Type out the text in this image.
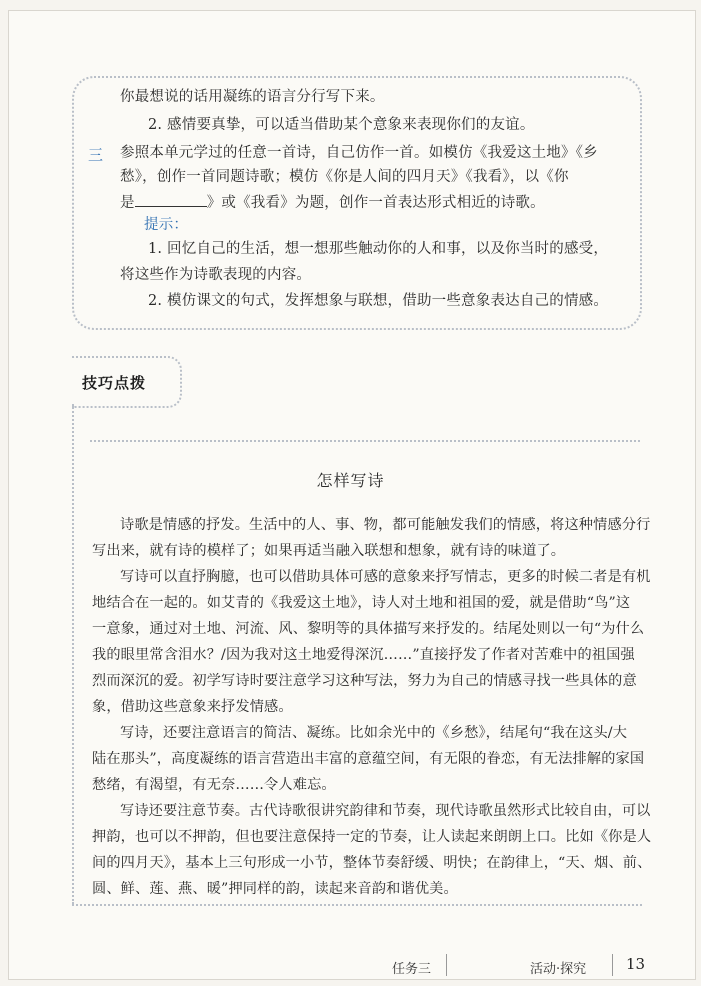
你最想说的话用凝练的语言分行写下来。
2. 感情要真挚，可以适当借助某个意象来表现你们的友谊。
三 参照本单元学过的任意一首诗，自己仿作一首。如模仿《我爱这土地》《乡
愁》，创作一首同题诗歌；模仿《你是人间的四月天》《我看》，以《你
是	》或《我看》为题，创作一首表达形式相近的诗歌。
提示：
1. 回忆自己的生活，想一想那些触动你的人和事，以及你当时的感受，
将这些作为诗歌表现的内容。
2. 模仿课文的句式，发挥想象与联想，借助一些意象表达自己的情感。
技巧点拨
怎样写诗
诗歌是情感的抒发。生活中的人、事、物，都可能触发我们的情感，将这种情感分行
写出来，就有诗的模样了；如果再适当融入联想和想象，就有诗的味道了。
写诗可以直抒胸臆，也可以借助具体可感的意象来抒写情志，更多的时候二者是有机
地结合在一起的。如艾青的《我爱这土地》，诗人对土地和祖国的爱，就是借助“鸟”这
一意象，通过对土地、河流、风、黎明等的具体描写来抒发的。结尾处则以一句“为什么
我的眼里常含泪水？/因为我对这土地爱得深沉……”直接抒发了作者对苦难中的祖国强
烈而深沉的爱。初学写诗时要注意学习这种写法，努力为自己的情感寻找一些具体的意
象，借助这些意象来抒发情感。
写诗，还要注意语言的简洁、凝练。比如余光中的《乡愁》，结尾句“我在这头/大
陆在那头”，高度凝练的语言营造出丰富的意蕴空间，有无限的眷恋，有无法排解的家国
愁绪，有渴望，有无奈……令人难忘。
写诗还要注意节奏。古代诗歌很讲究韵律和节奏，现代诗歌虽然形式比较自由，可以
押韵，也可以不押韵，但也要注意保持一定的节奏，让人读起来朗朗上口。比如《你是人
间的四月天》，基本上三句形成一小节，整体节奏舒缓、明快；在韵律上，“天、烟、前、
圆、鲜、莲、燕、暖”押同样的韵，读起来音韵和谐优美。
任务三	活动·探究	13
